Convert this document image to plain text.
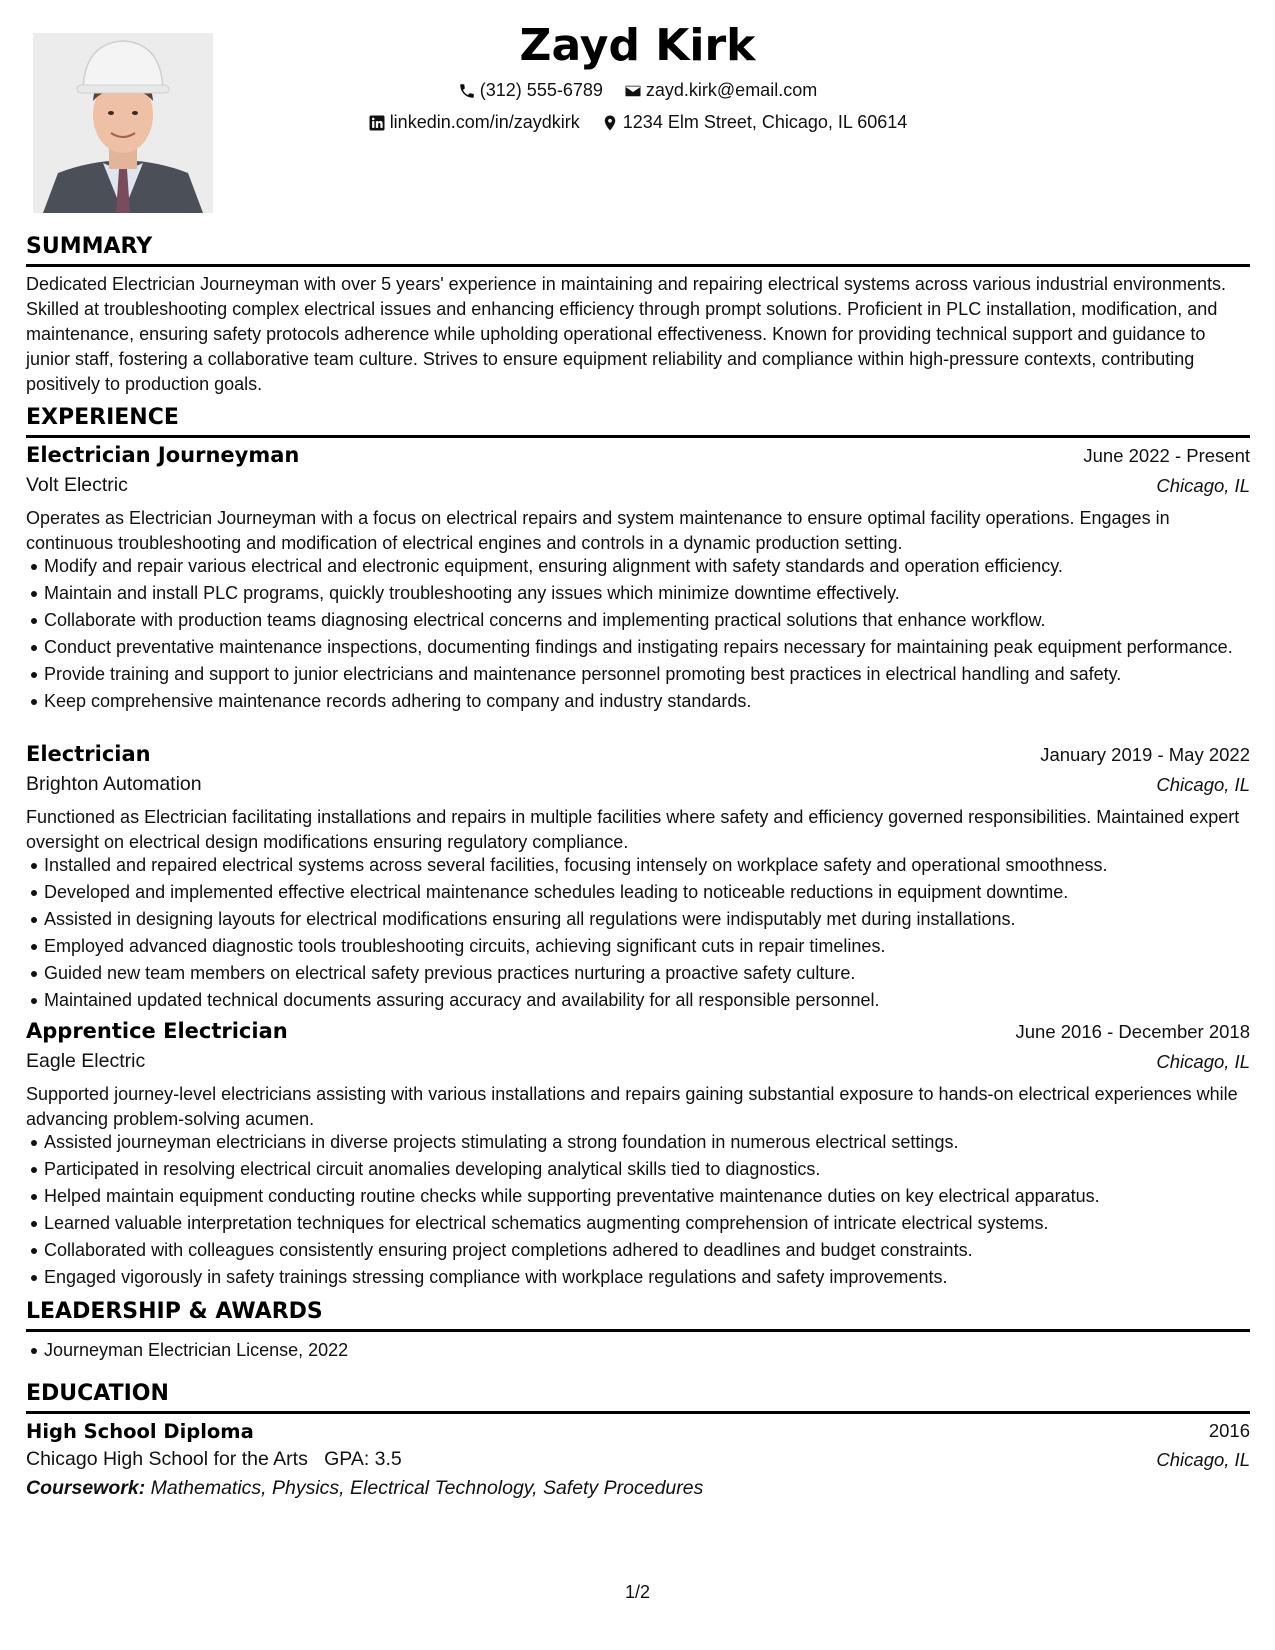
Zayd Kirk
(312) 555-6789
zayd.kirk@email.com
linkedin.com/in/zaydkirk
1234 Elm Street, Chicago, IL 60614
SUMMARY
Dedicated Electrician Journeyman with over 5 years' experience in maintaining and repairing electrical systems across various industrial environments. Skilled at troubleshooting complex electrical issues and enhancing efficiency through prompt solutions. Proficient in PLC installation, modification, and maintenance, ensuring safety protocols adherence while upholding operational effectiveness. Known for providing technical support and guidance to junior staff, fostering a collaborative team culture. Strives to ensure equipment reliability and compliance within high-pressure contexts, contributing positively to production goals.
EXPERIENCE
Electrician Journeyman	June 2022 - Present
Volt Electric	Chicago, IL
Operates as Electrician Journeyman with a focus on electrical repairs and system maintenance to ensure optimal facility operations. Engages in continuous troubleshooting and modification of electrical engines and controls in a dynamic production setting.
Modify and repair various electrical and electronic equipment, ensuring alignment with safety standards and operation efficiency.
Maintain and install PLC programs, quickly troubleshooting any issues which minimize downtime effectively.
Collaborate with production teams diagnosing electrical concerns and implementing practical solutions that enhance workflow.
Conduct preventative maintenance inspections, documenting findings and instigating repairs necessary for maintaining peak equipment performance.
Provide training and support to junior electricians and maintenance personnel promoting best practices in electrical handling and safety.
Keep comprehensive maintenance records adhering to company and industry standards.
Electrician	January 2019 - May 2022
Brighton Automation	Chicago, IL
Functioned as Electrician facilitating installations and repairs in multiple facilities where safety and efficiency governed responsibilities. Maintained expert oversight on electrical design modifications ensuring regulatory compliance.
Installed and repaired electrical systems across several facilities, focusing intensely on workplace safety and operational smoothness.
Developed and implemented effective electrical maintenance schedules leading to noticeable reductions in equipment downtime.
Assisted in designing layouts for electrical modifications ensuring all regulations were indisputably met during installations.
Employed advanced diagnostic tools troubleshooting circuits, achieving significant cuts in repair timelines.
Guided new team members on electrical safety previous practices nurturing a proactive safety culture.
Maintained updated technical documents assuring accuracy and availability for all responsible personnel.
Apprentice Electrician	June 2016 - December 2018
Eagle Electric	Chicago, IL
Supported journey-level electricians assisting with various installations and repairs gaining substantial exposure to hands-on electrical experiences while advancing problem-solving acumen.
Assisted journeyman electricians in diverse projects stimulating a strong foundation in numerous electrical settings.
Participated in resolving electrical circuit anomalies developing analytical skills tied to diagnostics.
Helped maintain equipment conducting routine checks while supporting preventative maintenance duties on key electrical apparatus.
Learned valuable interpretation techniques for electrical schematics augmenting comprehension of intricate electrical systems.
Collaborated with colleagues consistently ensuring project completions adhered to deadlines and budget constraints.
Engaged vigorously in safety trainings stressing compliance with workplace regulations and safety improvements.
LEADERSHIP & AWARDS
Journeyman Electrician License, 2022
EDUCATION
High School Diploma	2016
Chicago High School for the Arts GPA: 3.5	Chicago, IL
Coursework: Mathematics, Physics, Electrical Technology, Safety Procedures
1/2
